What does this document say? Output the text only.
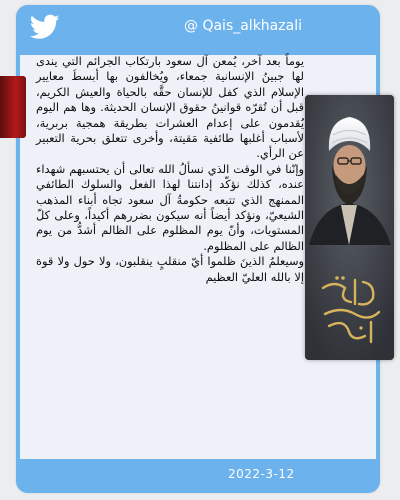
@ Qais_alkhazali
2022-3-12

يوماً بعد آخر، يُمعن آل سعود بارتكاب الجرائم التي يندى لها جبينُ الإنسانية جمعاء، ويُخالفون بها أبسطَ معايير الإسلام الذي كفل للإنسان حقَّه بالحياة والعيش الكريم، قبل أن تُقرّه قوانينُ حقوق الإنسان الحديثة. وها هم اليوم يُقدمون على إعدام العشرات بطريقة همجية بربرية، لأسباب أغلبها طائفية مَقيتة، وأخرى تتعلق بحرية التعبير عن الرأي.

وإنّنا في الوقت الذي نسألُ الله تعالى أن يحتسبهم شهداء عنده، كذلك نؤكّد إدانتنا لهذا الفعل والسلوك الطائفي الممنهج الذي تتبعه حكومةُ آل سعود تجاه أبناء المذهب الشيعيّ، ونؤكد أيضاً أنه سيكون بضررهم أكيداً، وعلى كلّ المستويات، وأنّ يوم المظلوم على الظالم أشدُّ من يوم الظالم على المظلوم.

وسيعلمُ الذينَ ظلموا أيّ منقلبٍ ينقلبون، ولا حول ولا قوة إلا بالله العليّ العظيم
